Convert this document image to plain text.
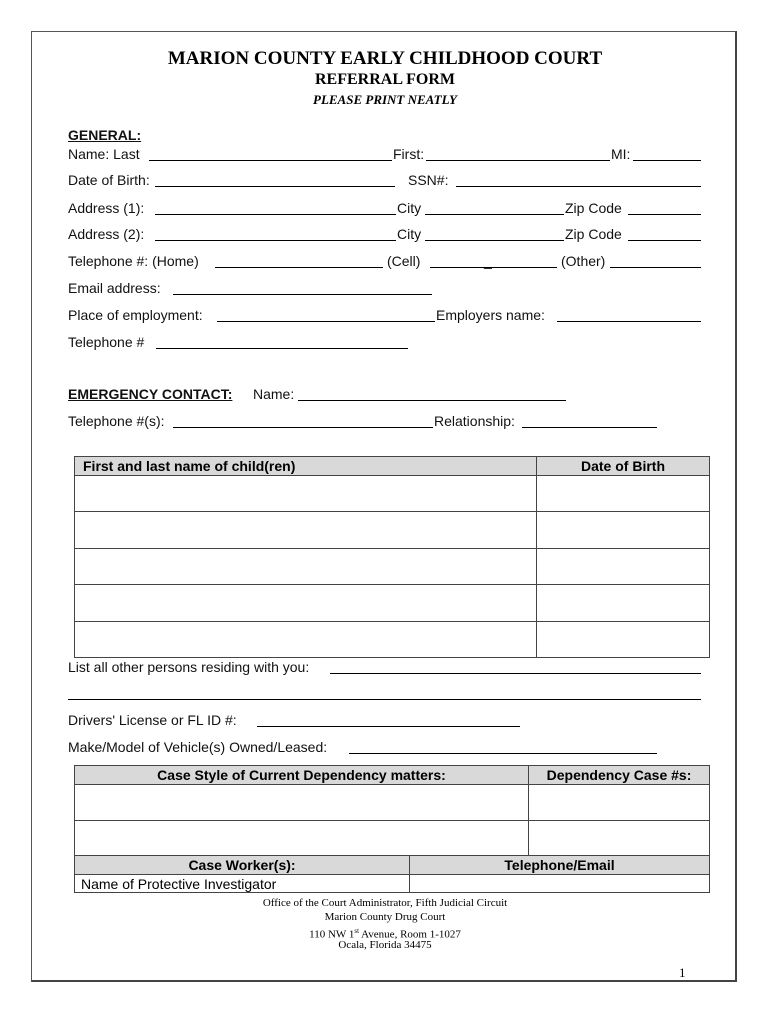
MARION COUNTY EARLY CHILDHOOD COURT
REFERRAL FORM
PLEASE PRINT NEATLY
GENERAL:
Name: Last	First:	MI:
Date of Birth:	SSN#:
Address (1):	City	Zip Code
Address (2):	City	Zip Code
Telephone #: (Home)	(Cell)	_	(Other)
Email address:
Place of employment:	Employers name:
Telephone #
EMERGENCY CONTACT: Name:
Telephone #(s):	Relationship:
First and last name of child(ren)	Date of Birth

List all other persons residing with you:
Drivers' License or FL ID #:
Make/Model of Vehicle(s) Owned/Leased:
Case Style of Current Dependency matters:	Dependency Case #s:

Case Worker(s):	Telephone/Email
Name of Protective Investigator	
Office of the Court Administrator, Fifth Judicial Circuit
Marion County Drug Court
110 NW 1st Avenue, Room 1-1027
Ocala, Florida 34475
1
